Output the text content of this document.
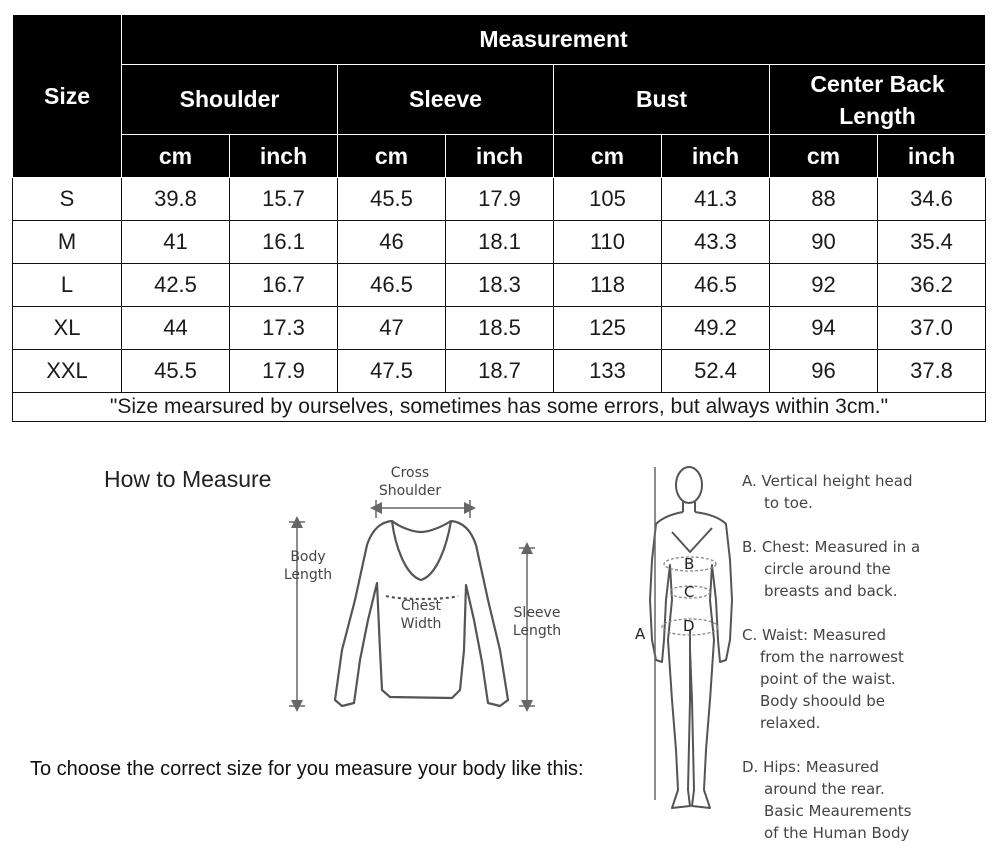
Size	Measurement							
	Shoulder		Sleeve		Bust		Center Back Length	
	cm	inch	cm	inch	cm	inch	cm	inch
S	39.8	15.7	45.5	17.9	105	41.3	88	34.6
M	41	16.1	46	18.1	110	43.3	90	35.4
L	42.5	16.7	46.5	18.3	118	46.5	92	36.2
XL	44	17.3	47	18.5	125	49.2	94	37.0
XXL	45.5	17.9	47.5	18.7	133	52.4	96	37.8
"Size mearsured by ourselves, sometimes has some errors, but always within 3cm."								
How to Measure
To choose the correct size for you measure your body like this:
Cross
Shoulder
Body
Length
Chest
Width
Sleeve
Length	A
B
C
D
A. Vertical height head
to toe.
B. Chest: Measured in a
circle around the
breasts and back.
C. Waist: Measured
from the narrowest
point of the waist.
Body shoould be
relaxed.
D. Hips: Measured
around the rear.
Basic Meaurements
of the Human Body
